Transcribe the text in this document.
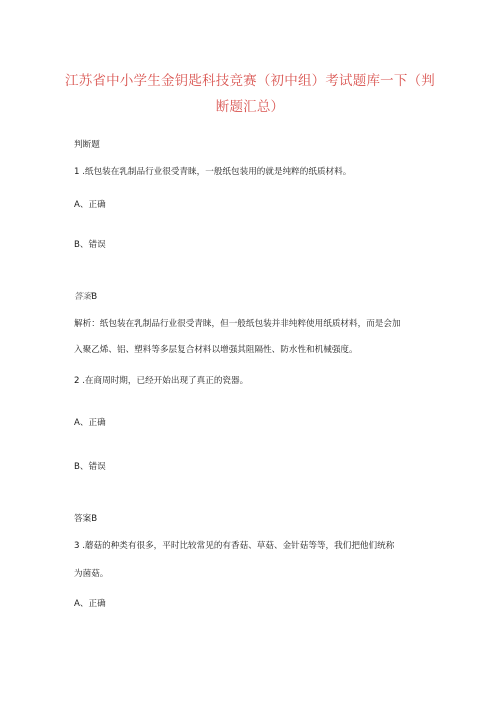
江苏省中小学生金钥匙科技竞赛（初中组）考试题库一下（判
断题汇总）
判断题
1 .纸包装在乳制品行业很受青睐，一般纸包装用的就是纯粹的纸质材料。
A、正确
B、错误
答案B
解析：纸包装在乳制品行业很受青睐，但一般纸包装并非纯粹使用纸质材料，而是会加
入聚乙烯、铝、塑料等多层复合材料以增强其阻隔性、防水性和机械强度。
2 .在商周时期，已经开始出现了真正的瓷器。
A、正确
B、错误
答案B
3 .蘑菇的种类有很多，平时比较常见的有香菇、草菇、金针菇等等，我们把他们统称
为菌菇。
A、正确
